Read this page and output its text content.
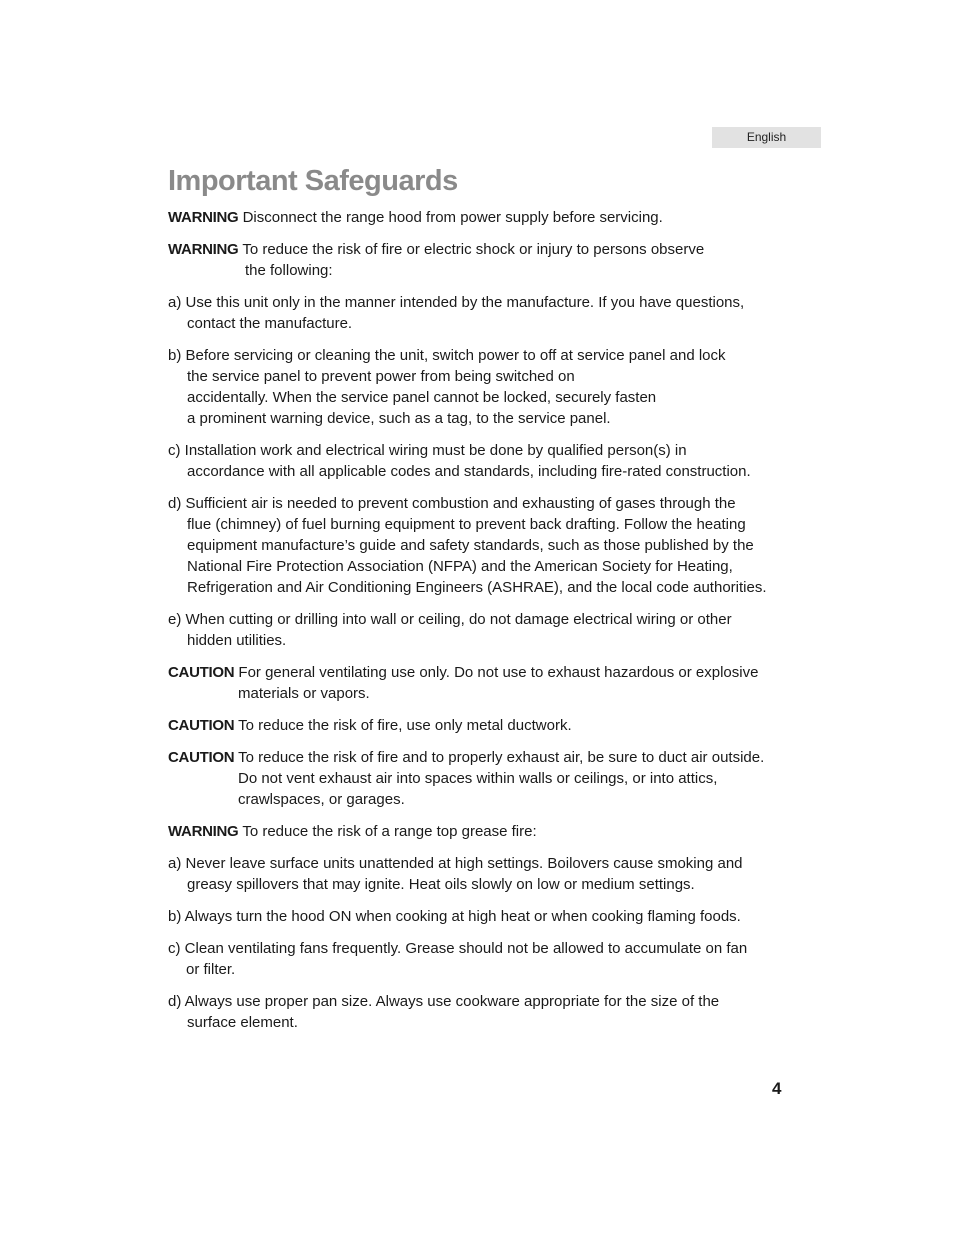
English
Important Safeguards

WARNING Disconnect the range hood from power supply before servicing.

WARNING To reduce the risk of fire or electric shock or injury to persons observe
the following:

a) Use this unit only in the manner intended by the manufacture. If you have questions,
contact the manufacture.

b) Before servicing or cleaning the unit, switch power to off at service panel and lock
the service panel to prevent power from being switched on
accidentally. When the service panel cannot be locked, securely fasten
a prominent warning device, such as a tag, to the service panel.

c) Installation work and electrical wiring must be done by qualified person(s) in
accordance with all applicable codes and standards, including fire-rated construction.

d) Sufficient air is needed to prevent combustion and exhausting of gases through the
flue (chimney) of fuel burning equipment to prevent back drafting. Follow the heating
equipment manufacture’s guide and safety standards, such as those published by the
National Fire Protection Association (NFPA) and the American Society for Heating,
Refrigeration and Air Conditioning Engineers (ASHRAE), and the local code authorities.

e) When cutting or drilling into wall or ceiling, do not damage electrical wiring or other
hidden utilities.

CAUTION For general ventilating use only. Do not use to exhaust hazardous or explosive
materials or vapors.

CAUTION To reduce the risk of fire, use only metal ductwork.

CAUTION To reduce the risk of fire and to properly exhaust air, be sure to duct air outside.
Do not vent exhaust air into spaces within walls or ceilings, or into attics,
crawlspaces, or garages.

WARNING To reduce the risk of a range top grease fire:

a) Never leave surface units unattended at high settings. Boilovers cause smoking and
greasy spillovers that may ignite. Heat oils slowly on low or medium settings.

b) Always turn the hood ON when cooking at high heat or when cooking flaming foods.

c) Clean ventilating fans frequently. Grease should not be allowed to accumulate on fan
or filter.

d) Always use proper pan size. Always use cookware appropriate for the size of the
surface element.

4
